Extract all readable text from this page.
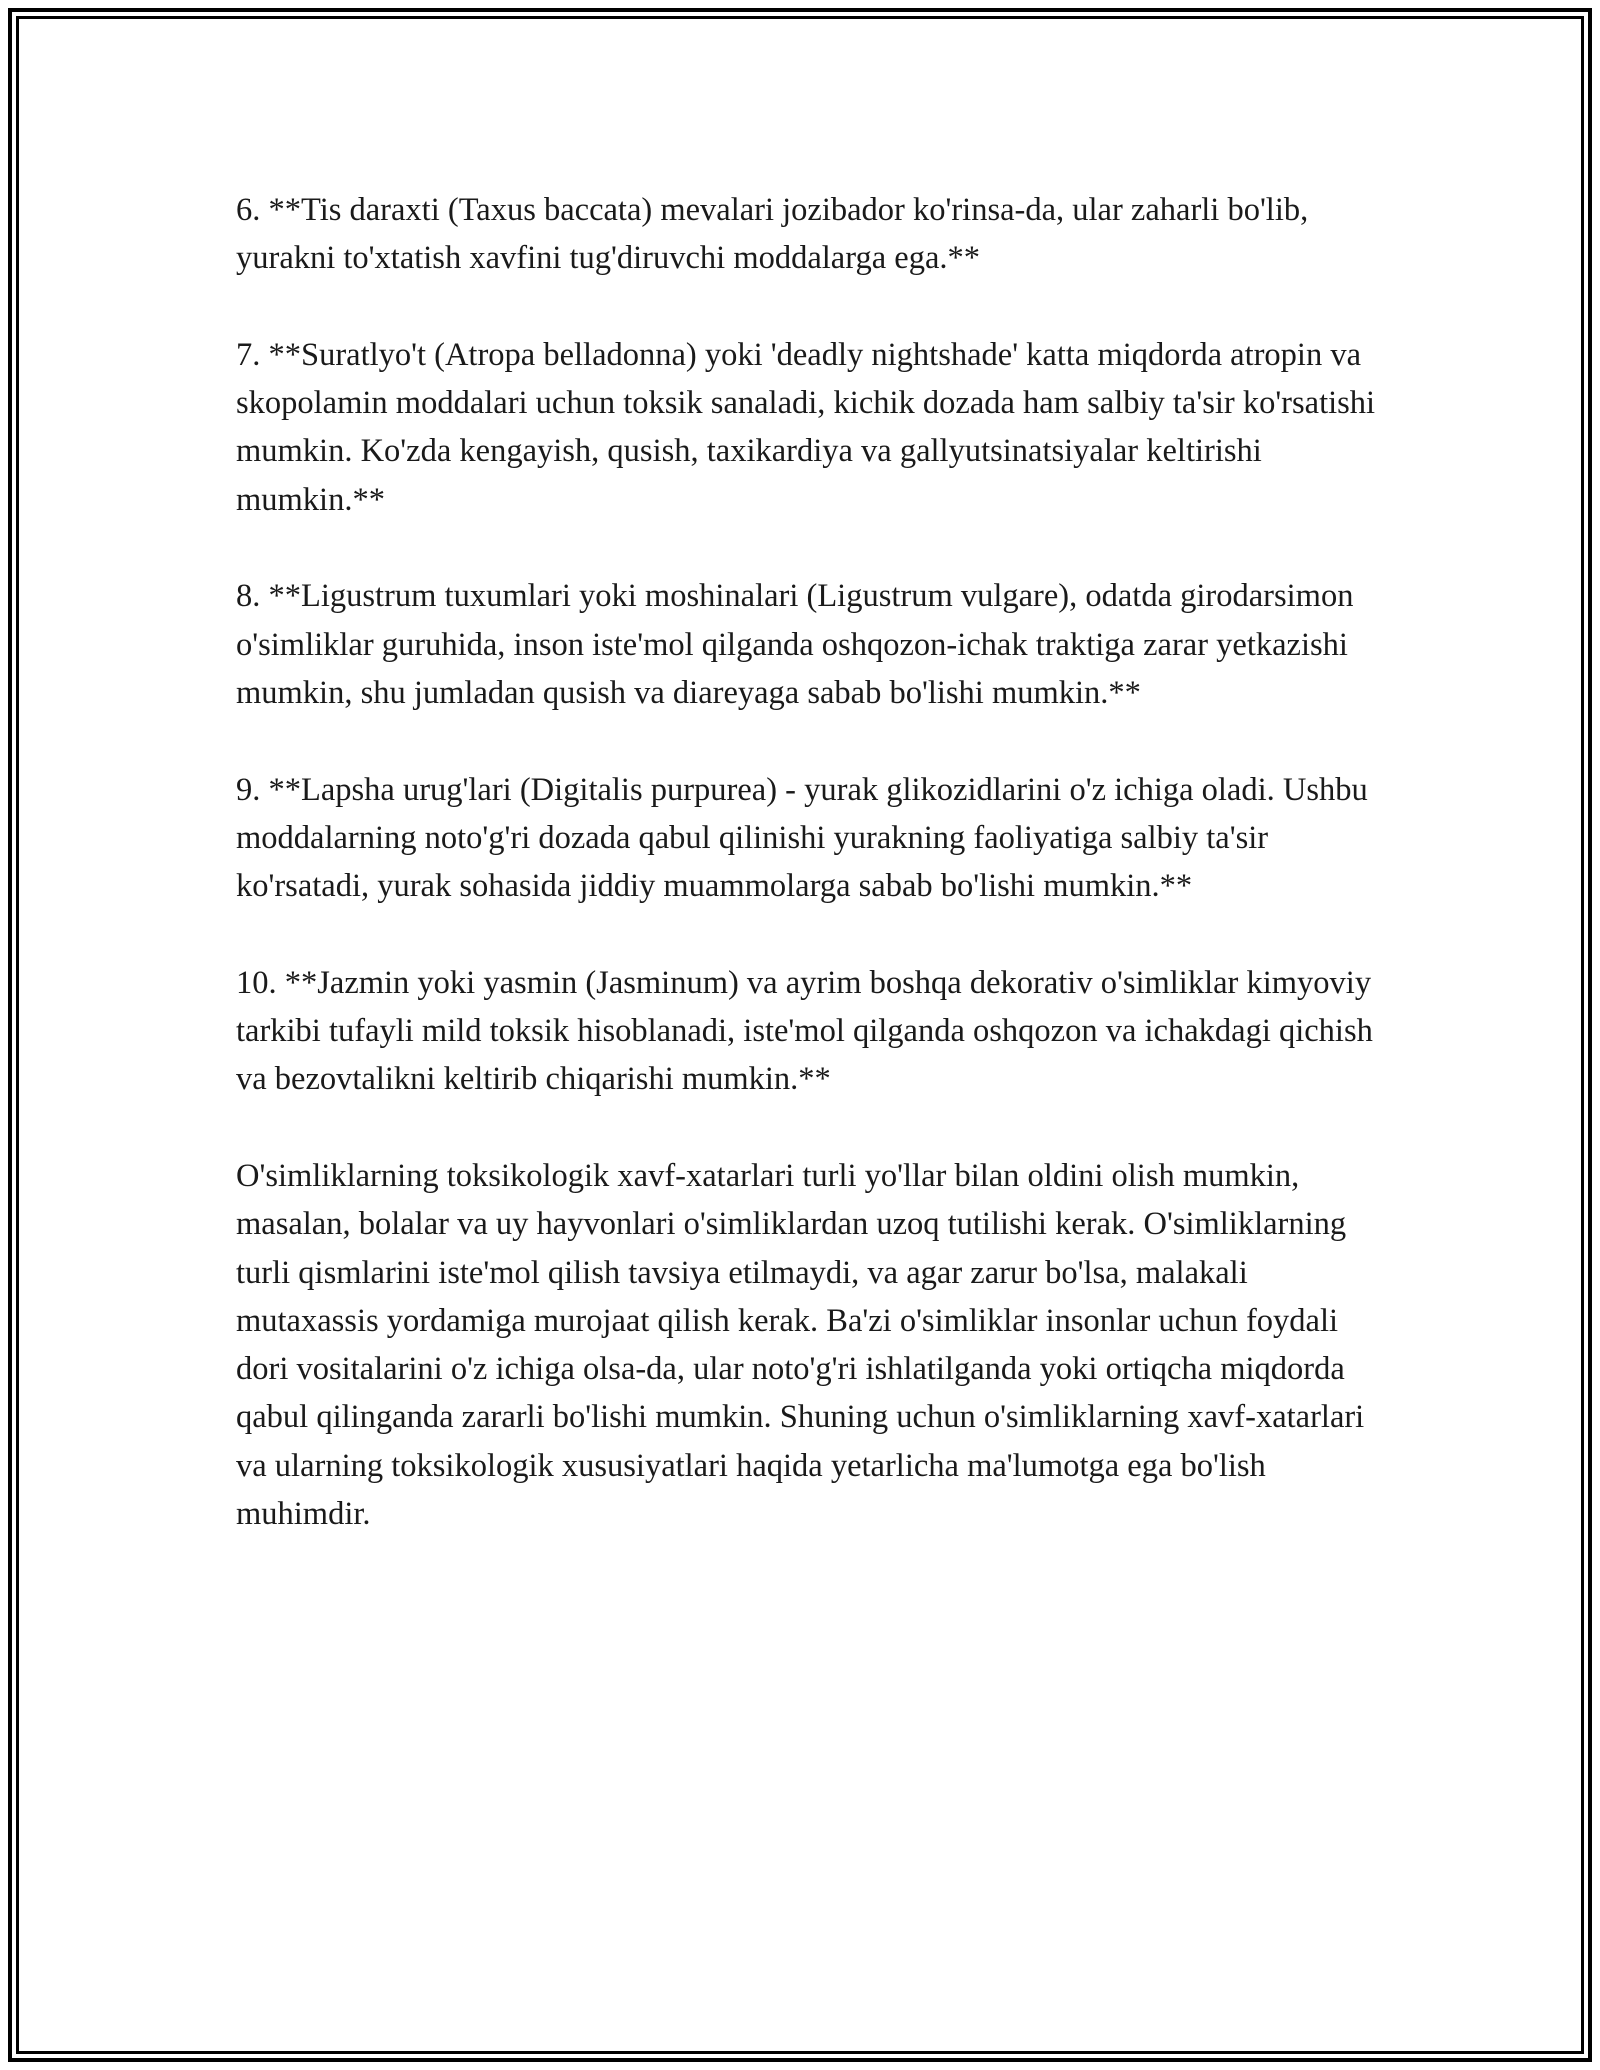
6. **Tis daraxti (Taxus baccata) mevalari jozibador ko'rinsa-da, ular zaharli bo'lib, yurakni to'xtatish xavfini tug'diruvchi moddalarga ega.**

7. **Suratlyo't (Atropa belladonna) yoki 'deadly nightshade' katta miqdorda atropin va skopolamin moddalari uchun toksik sanaladi, kichik dozada ham salbiy ta'sir ko'rsatishi mumkin. Ko'zda kengayish, qusish, taxikardiya va gallyutsinatsiyalar keltirishi mumkin.**

8. **Ligustrum tuxumlari yoki moshinalari (Ligustrum vulgare), odatda girodarsimon o'simliklar guruhida, inson iste'mol qilganda oshqozon-ichak traktiga zarar yetkazishi mumkin, shu jumladan qusish va diareyaga sabab bo'lishi mumkin.**

9. **Lapsha urug'lari (Digitalis purpurea) - yurak glikozidlarini o'z ichiga oladi. Ushbu moddalarning noto'g'ri dozada qabul qilinishi yurakning faoliyatiga salbiy ta'sir ko'rsatadi, yurak sohasida jiddiy muammolarga sabab bo'lishi mumkin.**

10. **Jazmin yoki yasmin (Jasminum) va ayrim boshqa dekorativ o'simliklar kimyoviy tarkibi tufayli mild toksik hisoblanadi, iste'mol qilganda oshqozon va ichakdagi qichish va bezovtalikni keltirib chiqarishi mumkin.**

O'simliklarning toksikologik xavf-xatarlari turli yo'llar bilan oldini olish mumkin, masalan, bolalar va uy hayvonlari o'simliklardan uzoq tutilishi kerak. O'simliklarning turli qismlarini iste'mol qilish tavsiya etilmaydi, va agar zarur bo'lsa, malakali mutaxassis yordamiga murojaat qilish kerak. Ba'zi o'simliklar insonlar uchun foydali dori vositalarini o'z ichiga olsa-da, ular noto'g'ri ishlatilganda yoki ortiqcha miqdorda qabul qilinganda zararli bo'lishi mumkin. Shuning uchun o'simliklarning xavf-xatarlari va ularning toksikologik xususiyatlari haqida yetarlicha ma'lumotga ega bo'lish muhimdir.
